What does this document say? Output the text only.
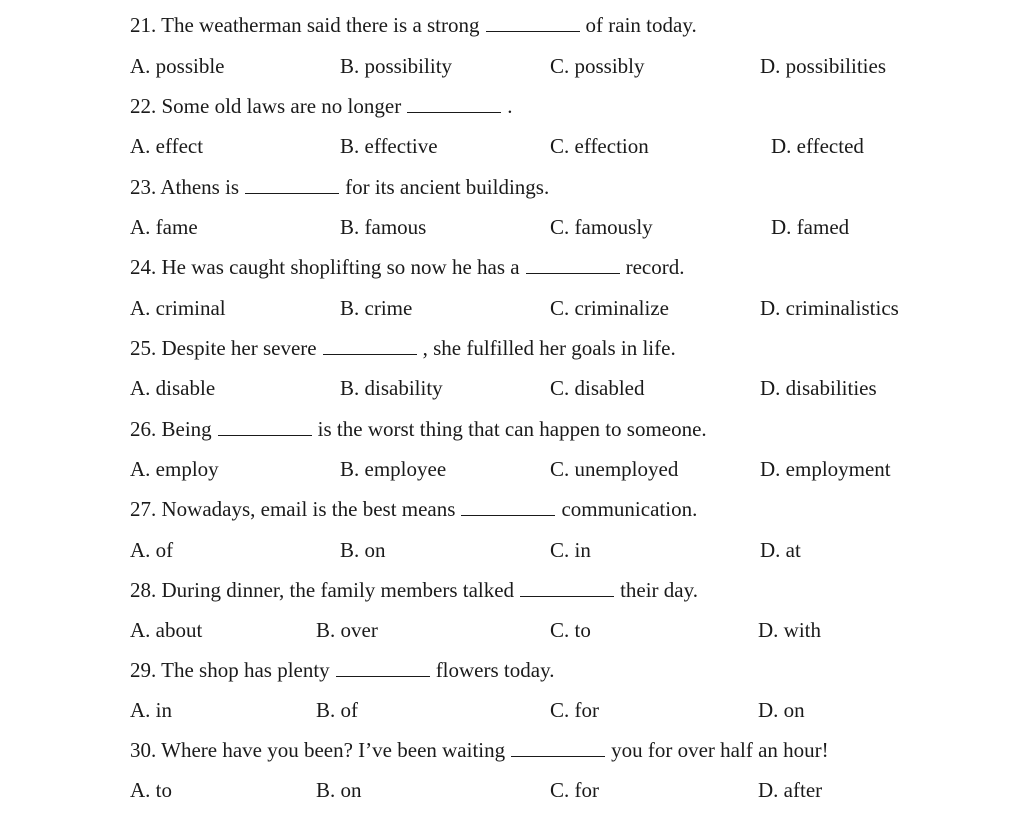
21. The weatherman said there is a strong	of rain today.
A. possible	B. possibility	C. possibly	D. possibilities
22. Some old laws are no longer	.
A. effect	B. effective	C. effection	D. effected
23. Athens is	for its ancient buildings.
A. fame	B. famous	C. famously	D. famed
24. He was caught shoplifting so now he has a	record.
A. criminal	B. crime	C. criminalize	D. criminalistics
25. Despite her severe	, she fulfilled her goals in life.
A. disable	B. disability	C. disabled	D. disabilities
26. Being	is the worst thing that can happen to someone.
A. employ	B. employee	C. unemployed	D. employment
27. Nowadays, email is the best means	communication.
A. of	B. on	C. in	D. at
28. During dinner, the family members talked	their day.
A. about	B. over	C. to	D. with
29. The shop has plenty	flowers today.
A. in	B. of	C. for	D. on
30. Where have you been? I’ve been waiting	you for over half an hour!
A. to	B. on	C. for	D. after
